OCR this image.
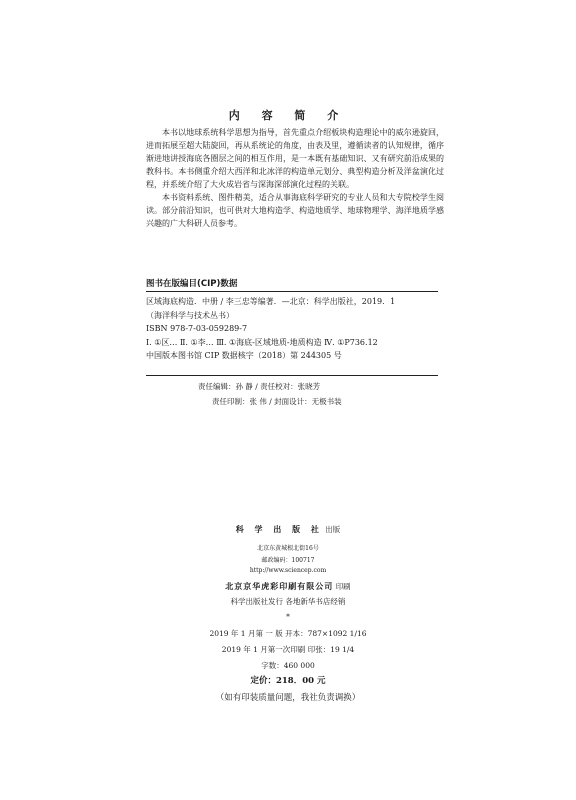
内 容 简 介

本书以地球系统科学思想为指导，首先重点介绍板块构造理论中的威尔逊旋回，进而拓展至超大陆旋回，再从系统论的角度，由表及里，遵循读者的认知规律，循序渐进地讲授海底各圈层之间的相互作用，是一本既有基础知识、又有研究前沿成果的教科书。本书侧重介绍大西洋和北冰洋的构造单元划分、典型构造分析及洋盆演化过程，并系统介绍了大火成岩省与深海深部演化过程的关联。

本书资料系统、图件精美，适合从事海底科学研究的专业人员和大专院校学生阅读。部分前沿知识，也可供对大地构造学、构造地质学、地球物理学、海洋地质学感兴趣的广大科研人员参考。

图书在版编目(CIP)数据
区域海底构造．中册 / 李三忠等编著．—北京：科学出版社，2019．1
（海洋科学与技术丛书）
ISBN 978-7-03-059289-7
Ⅰ. ①区… Ⅱ. ①李… Ⅲ. ①海底-区域地质-地质构造 Ⅳ. ①P736.12
中国版本图书馆 CIP 数据核字（2018）第 244305 号
责任编辑：孙 静 / 责任校对：张晓芳
责任印制：张 伟 / 封面设计：无极书装
科 学 出 版 社 出版
北京东黄城根北街16号
邮政编码：100717
http://www.sciencep.com
北京京华虎彩印刷有限公司 印刷
科学出版社发行 各地新华书店经销
*
2019 年 1 月第 一 版 开本：787×1092 1/16
2019 年 1 月第一次印刷 印张：19 1/4
字数：460 000
定价：218．00 元
（如有印装质量问题，我社负责调换）
